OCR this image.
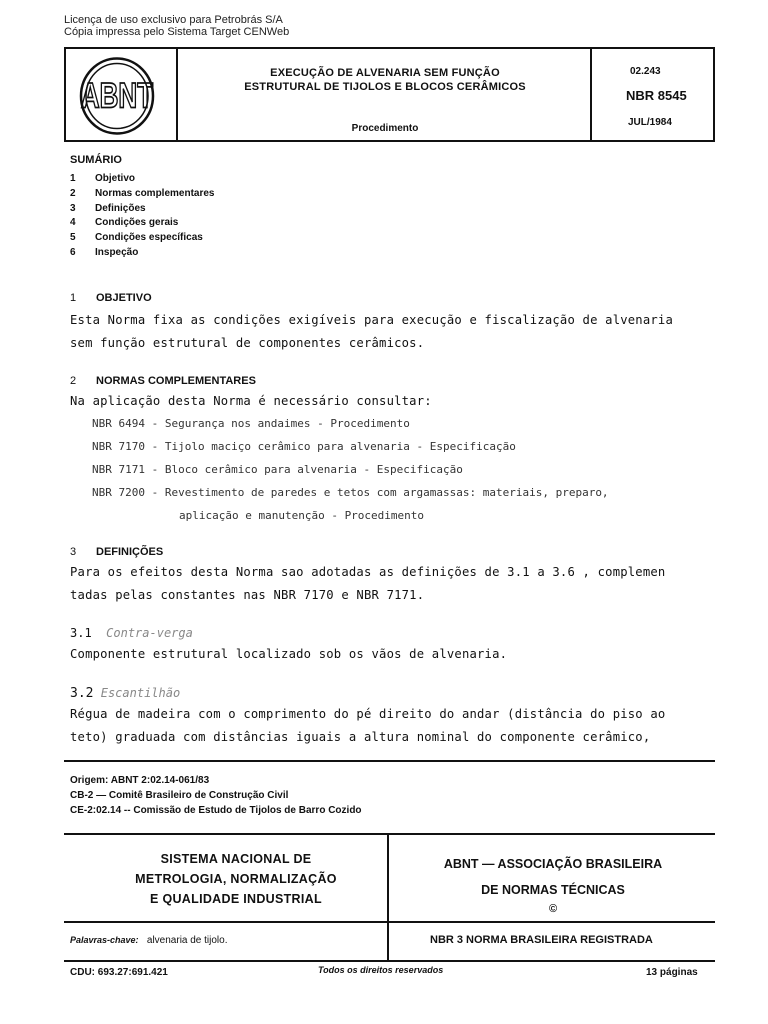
Licença de uso exclusivo para Petrobrás S/A
Cópia impressa pelo Sistema Target CENWeb
ABNT
EXECUÇÃO DE ALVENARIA SEM FUNÇÃO
ESTRUTURAL DE TIJOLOS E BLOCOS CERÂMICOS
Procedimento
02.243
NBR 8545
JUL/1984
SUMÁRIO
1 Objetivo
2 Normas complementares
3 Definições
4 Condições gerais
5 Condições específicas
6 Inspeção
1 OBJETIVO
Esta Norma fixa as condições exigíveis para execução e fiscalização de alvenaria
sem função estrutural de componentes cerâmicos.
2 NORMAS COMPLEMENTARES
Na aplicação desta Norma é necessário consultar:
NBR 6494 - Segurança nos andaimes - Procedimento
NBR 7170 - Tijolo maciço cerâmico para alvenaria - Especificação
NBR 7171 - Bloco cerâmico para alvenaria - Especificação
NBR 7200 - Revestimento de paredes e tetos com argamassas: materiais, preparo,
aplicação e manutenção - Procedimento
3 DEFINIÇÕES
Para os efeitos desta Norma sao adotadas as definições de 3.1 a 3.6 , complemen
tadas pelas constantes nas NBR 7170 e NBR 7171.
3.1 Contra-verga
Componente estrutural localizado sob os vãos de alvenaria.
3.2 Escantilhão
Régua de madeira com o comprimento do pé direito do andar (distância do piso ao
teto) graduada com distâncias iguais a altura nominal do componente cerâmico,
Origem: ABNT 2:02.14-061/83
CB-2 — Comitê Brasileiro de Construção Civil
CE-2:02.14 -- Comissão de Estudo de Tijolos de Barro Cozido
SISTEMA NACIONAL DE
METROLOGIA, NORMALIZAÇÃO
E QUALIDADE INDUSTRIAL
ABNT — ASSOCIAÇÃO BRASILEIRA
DE NORMAS TÉCNICAS
©
Palavras-chave: alvenaria de tijolo.	NBR 3 NORMA BRASILEIRA REGISTRADA
CDU: 693.27:691.421	Todos os direitos reservados	13 páginas
